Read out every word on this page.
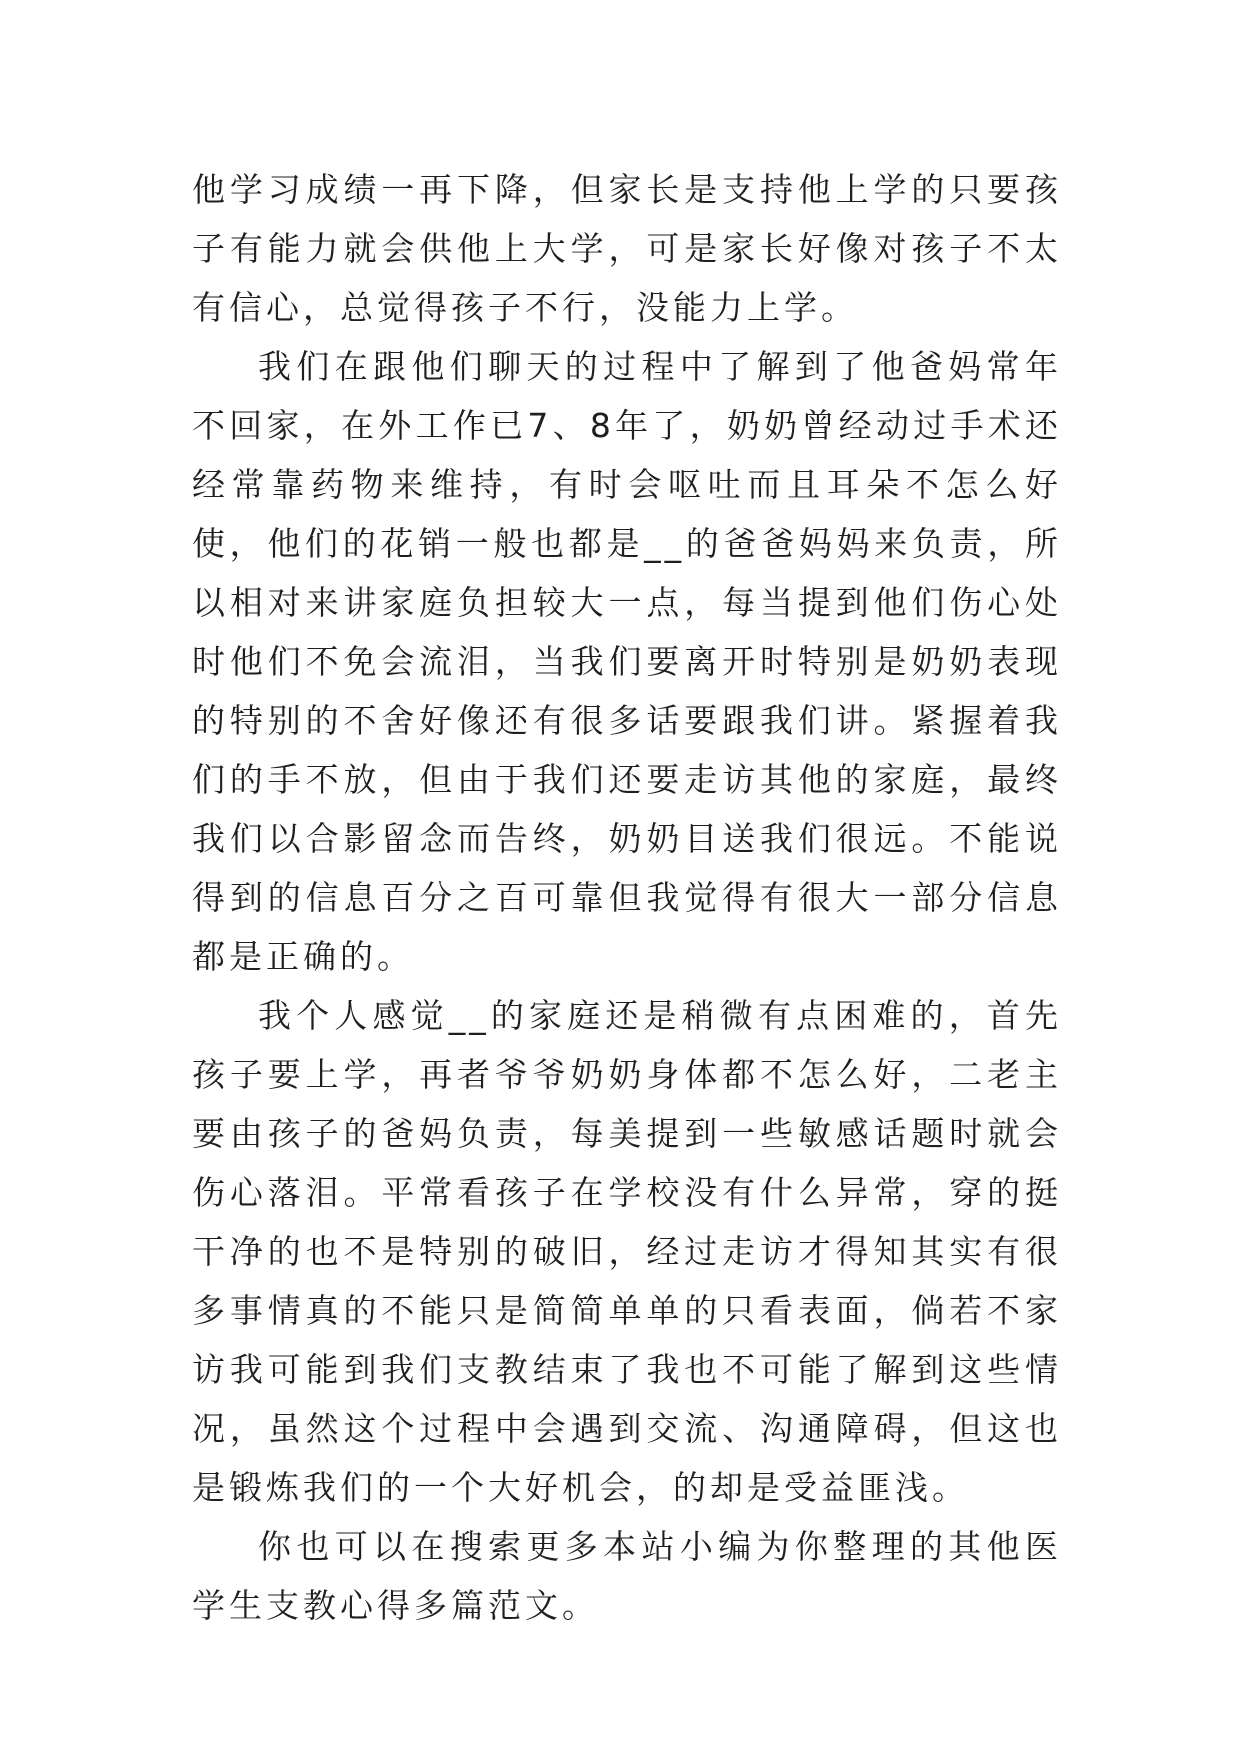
他学习成绩一再下降，但家长是支持他上学的只要孩子有能力就会供他上大学，可是家长好像对孩子不太有信心，总觉得孩子不行，没能力上学。

我们在跟他们聊天的过程中了解到了他爸妈常年不回家，在外工作已7、8年了，奶奶曾经动过手术还经常靠药物来维持，有时会呕吐而且耳朵不怎么好使，他们的花销一般也都是__的爸爸妈妈来负责，所以相对来讲家庭负担较大一点，每当提到他们伤心处时他们不免会流泪，当我们要离开时特别是奶奶表现的特别的不舍好像还有很多话要跟我们讲。紧握着我们的手不放，但由于我们还要走访其他的家庭，最终我们以合影留念而告终，奶奶目送我们很远。不能说得到的信息百分之百可靠但我觉得有很大一部分信息都是正确的。

我个人感觉__的家庭还是稍微有点困难的，首先孩子要上学，再者爷爷奶奶身体都不怎么好，二老主要由孩子的爸妈负责，每美提到一些敏感话题时就会伤心落泪。平常看孩子在学校没有什么异常，穿的挺干净的也不是特别的破旧，经过走访才得知其实有很多事情真的不能只是简简单单的只看表面，倘若不家访我可能到我们支教结束了我也不可能了解到这些情况，虽然这个过程中会遇到交流、沟通障碍，但这也是锻炼我们的一个大好机会，的却是受益匪浅。

你也可以在搜索更多本站小编为你整理的其他医学生支教心得多篇范文。
